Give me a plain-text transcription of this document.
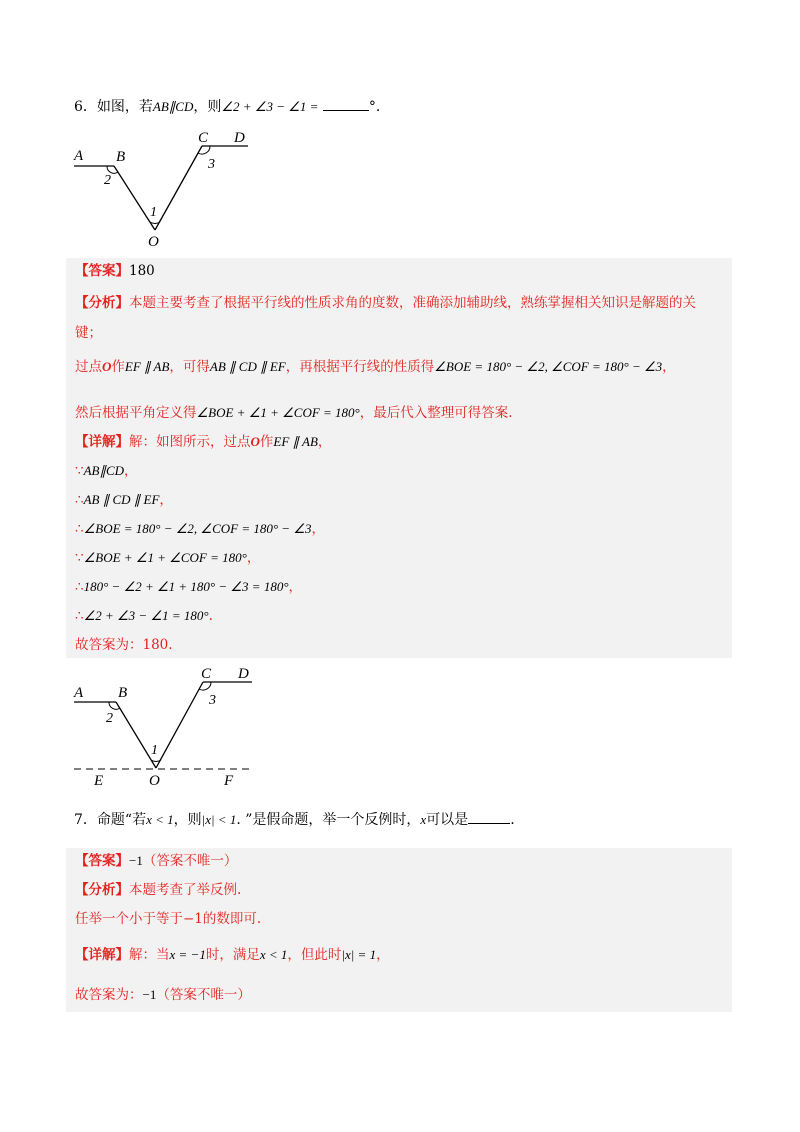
6．如图，若AB∥CD，则∠2 + ∠3 − ∠1 =	°.
A B
C D
O
1
2
3
【答案】180
【分析】本题主要考查了根据平行线的性质求角的度数，准确添加辅助线，熟练掌握相关知识是解题的关
键；
过点O作EF ∥ AB，可得AB ∥ CD ∥ EF，再根据平行线的性质得∠BOE = 180° − ∠2, ∠COF = 180° − ∠3，
然后根据平角定义得∠BOE + ∠1 + ∠COF = 180°，最后代入整理可得答案.
【详解】解：如图所示，过点O作EF ∥ AB，
∵AB∥CD，
∴AB ∥ CD ∥ EF，
∴∠BOE = 180° − ∠2, ∠COF = 180° − ∠3，
∵∠BOE + ∠1 + ∠COF = 180°，
∴180° − ∠2 + ∠1 + 180° − ∠3 = 180°，
∴∠2 + ∠3 − ∠1 = 180°.
故答案为：180.
A B
C D
O
E	F
1
2
3
7．命题“若x < 1，则|x| < 1. ”是假命题，举一个反例时，x可以是	.
【答案】−1（答案不唯一）
【分析】本题考查了举反例.
任举一个小于等于−1的数即可.
【详解】解：当x = −1时，满足x < 1，但此时|x| = 1，
故答案为：−1（答案不唯一）
